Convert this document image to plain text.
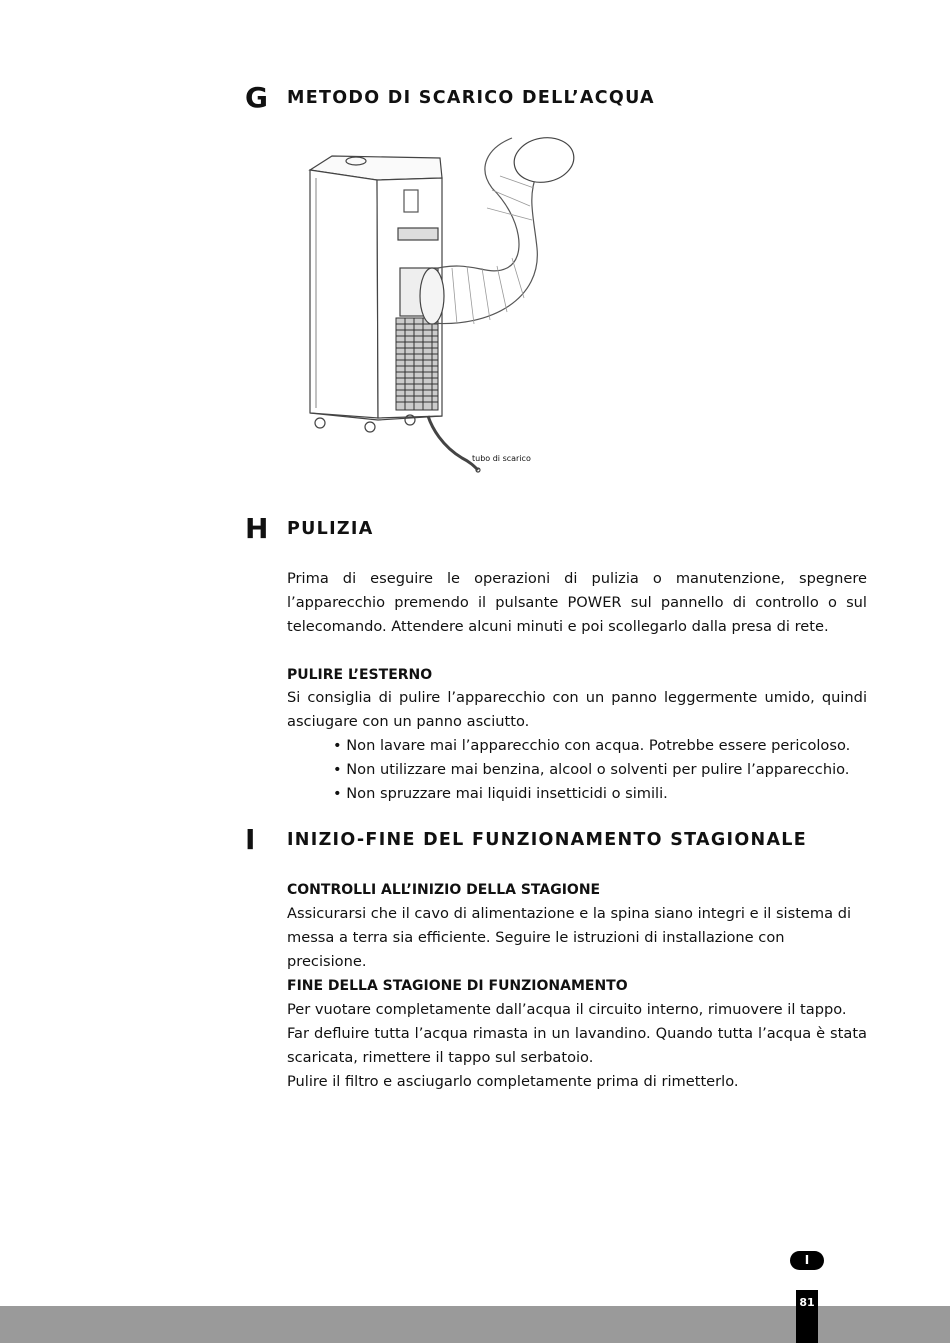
G METODO DI SCARICO DELL’ACQUA
tubo di scarico
H PULIZIA
Prima di eseguire le operazioni di pulizia o manutenzione, spegnere l’apparecchio premendo il pulsante POWER sul pannello di controllo o sul telecomando. Attendere alcuni minuti e poi scollegarlo dalla presa di rete.
PULIRE L’ESTERNO
Si consiglia di pulire l’apparecchio con un panno leggermente umido, quindi asciugare con un panno asciutto.
• Non lavare mai l’apparecchio con acqua. Potrebbe essere pericoloso.
• Non utilizzare mai benzina, alcool o solventi per pulire l’apparecchio.
• Non spruzzare mai liquidi insetticidi o simili.
I INIZIO-FINE DEL FUNZIONAMENTO STAGIONALE
CONTROLLI ALL’INIZIO DELLA STAGIONE
Assicurarsi che il cavo di alimentazione e la spina siano integri e il sistema di messa a terra sia efficiente. Seguire le istruzioni di installazione con precisione.
FINE DELLA STAGIONE DI FUNZIONAMENTO
Per vuotare completamente dall’acqua il circuito interno, rimuovere il tappo.
Far defluire tutta l’acqua rimasta in un lavandino. Quando tutta l’acqua è stata scaricata, rimettere il tappo sul serbatoio.
Pulire il filtro e asciugarlo completamente prima di rimetterlo.
I
81
